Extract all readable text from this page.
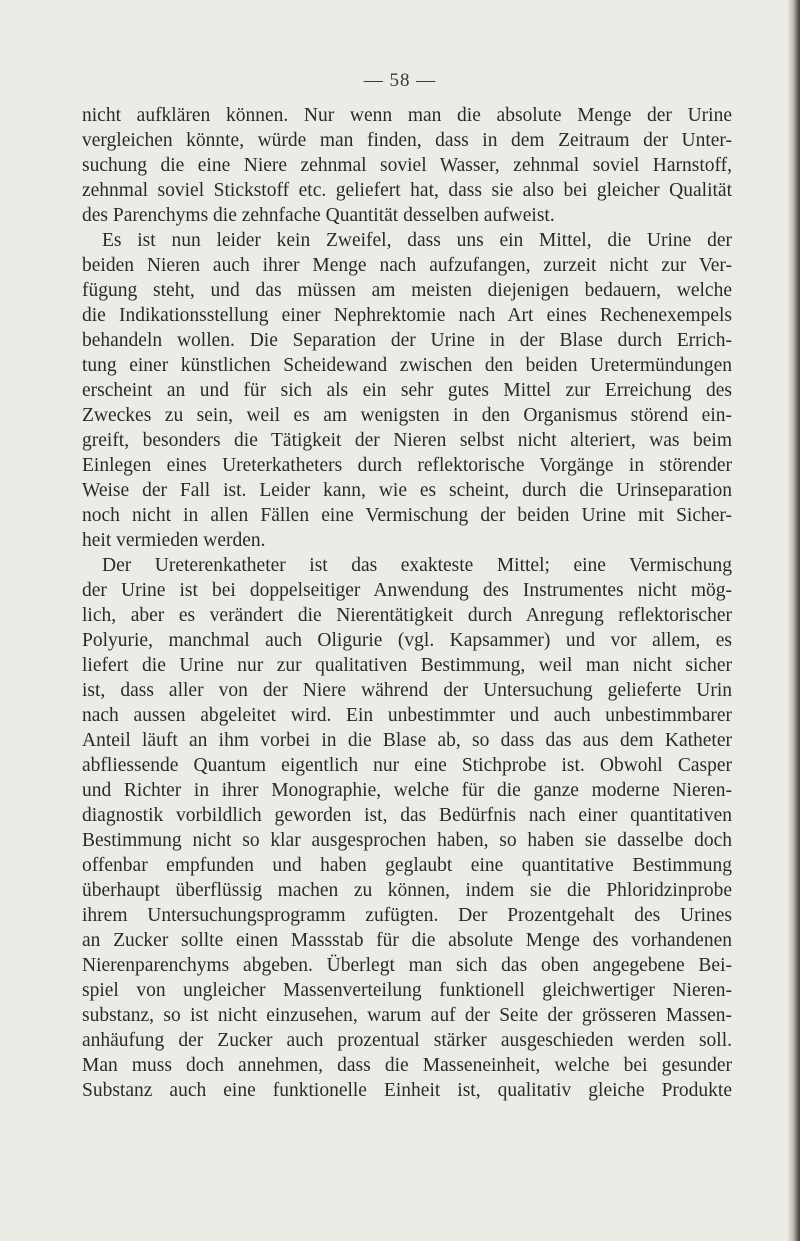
— 58 —
nicht aufklären können. Nur wenn man die absolute Menge der Urine
vergleichen könnte, würde man finden, dass in dem Zeitraum der Unter-
suchung die eine Niere zehnmal soviel Wasser, zehnmal soviel Harnstoff,
zehnmal soviel Stickstoff etc. geliefert hat, dass sie also bei gleicher Qualität
des Parenchyms die zehnfache Quantität desselben aufweist.
Es ist nun leider kein Zweifel, dass uns ein Mittel, die Urine der
beiden Nieren auch ihrer Menge nach aufzufangen, zurzeit nicht zur Ver-
fügung steht, und das müssen am meisten diejenigen bedauern, welche
die Indikationsstellung einer Nephrektomie nach Art eines Rechenexempels
behandeln wollen. Die Separation der Urine in der Blase durch Errich-
tung einer künstlichen Scheidewand zwischen den beiden Uretermündungen
erscheint an und für sich als ein sehr gutes Mittel zur Erreichung des
Zweckes zu sein, weil es am wenigsten in den Organismus störend ein-
greift, besonders die Tätigkeit der Nieren selbst nicht alteriert, was beim
Einlegen eines Ureterkatheters durch reflektorische Vorgänge in störender
Weise der Fall ist. Leider kann, wie es scheint, durch die Urinseparation
noch nicht in allen Fällen eine Vermischung der beiden Urine mit Sicher-
heit vermieden werden.
Der Ureterenkatheter ist das exakteste Mittel; eine Vermischung
der Urine ist bei doppelseitiger Anwendung des Instrumentes nicht mög-
lich, aber es verändert die Nierentätigkeit durch Anregung reflektorischer
Polyurie, manchmal auch Oligurie (vgl. Kapsammer) und vor allem, es
liefert die Urine nur zur qualitativen Bestimmung, weil man nicht sicher
ist, dass aller von der Niere während der Untersuchung gelieferte Urin
nach aussen abgeleitet wird. Ein unbestimmter und auch unbestimmbarer
Anteil läuft an ihm vorbei in die Blase ab, so dass das aus dem Katheter
abfliessende Quantum eigentlich nur eine Stichprobe ist. Obwohl Casper
und Richter in ihrer Monographie, welche für die ganze moderne Nieren-
diagnostik vorbildlich geworden ist, das Bedürfnis nach einer quantitativen
Bestimmung nicht so klar ausgesprochen haben, so haben sie dasselbe doch
offenbar empfunden und haben geglaubt eine quantitative Bestimmung
überhaupt überflüssig machen zu können, indem sie die Phloridzinprobe
ihrem Untersuchungsprogramm zufügten. Der Prozentgehalt des Urines
an Zucker sollte einen Massstab für die absolute Menge des vorhandenen
Nierenparenchyms abgeben. Überlegt man sich das oben angegebene Bei-
spiel von ungleicher Massenverteilung funktionell gleichwertiger Nieren-
substanz, so ist nicht einzusehen, warum auf der Seite der grösseren Massen-
anhäufung der Zucker auch prozentual stärker ausgeschieden werden soll.
Man muss doch annehmen, dass die Masseneinheit, welche bei gesunder
Substanz auch eine funktionelle Einheit ist, qualitativ gleiche Produkte
